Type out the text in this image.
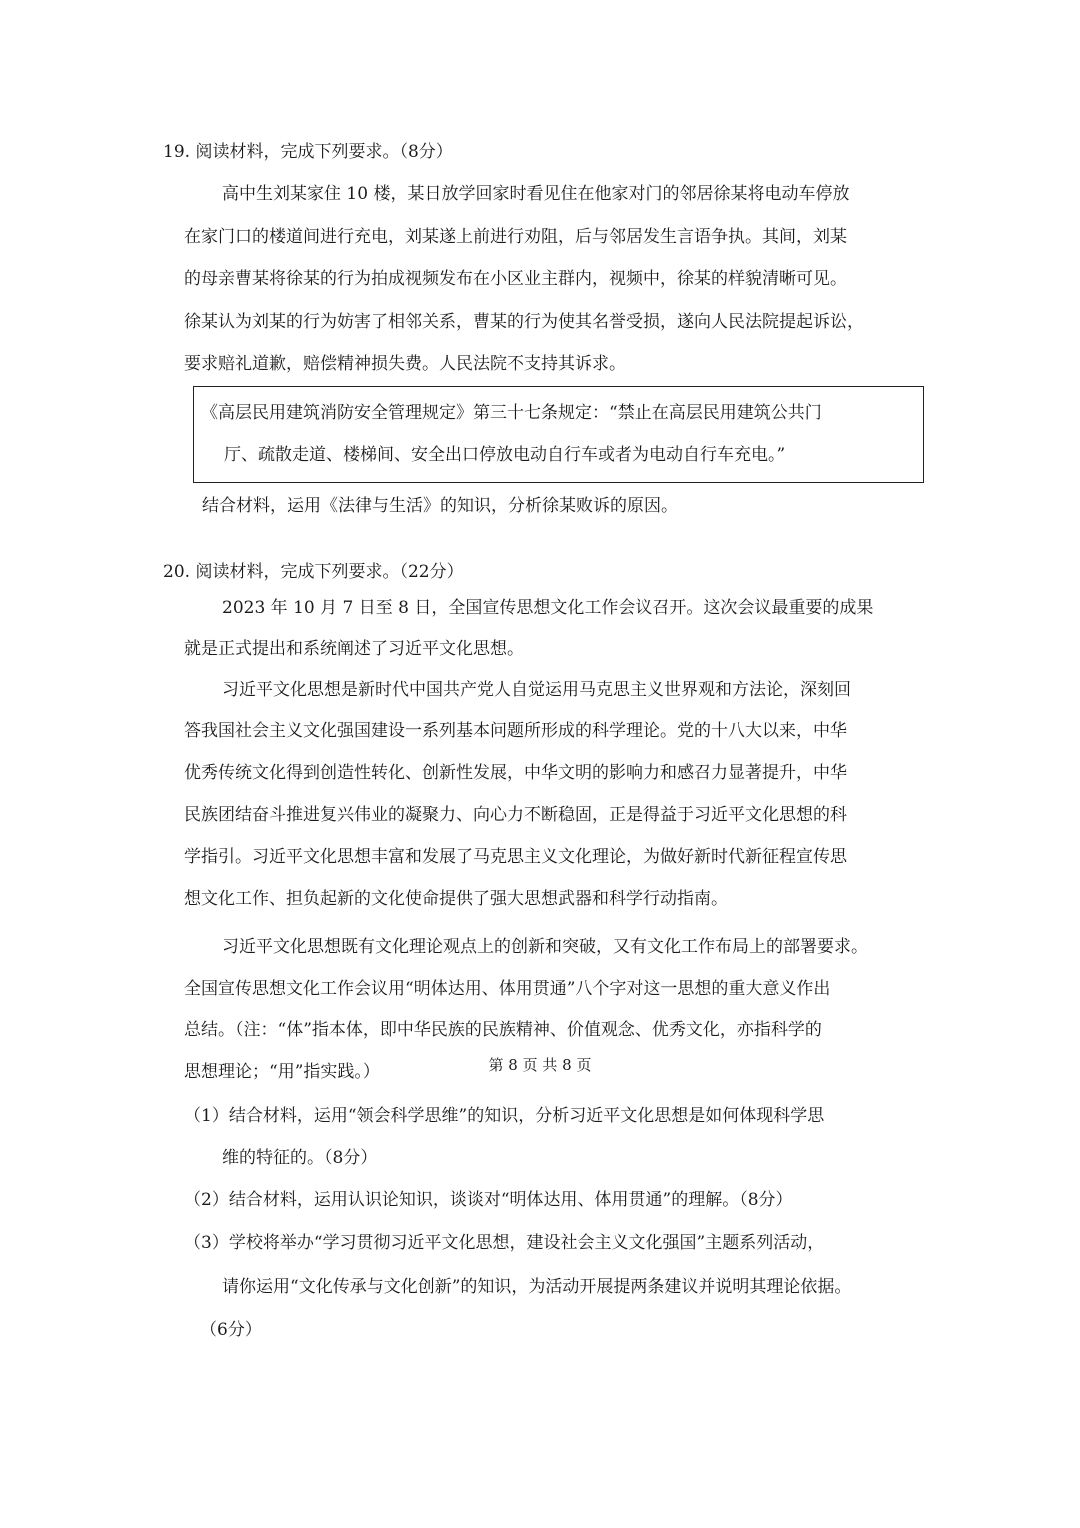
19. 阅读材料，完成下列要求。（8分）
高中生刘某家住 10 楼，某日放学回家时看见住在他家对门的邻居徐某将电动车停放
在家门口的楼道间进行充电，刘某遂上前进行劝阻，后与邻居发生言语争执。其间，刘某
的母亲曹某将徐某的行为拍成视频发布在小区业主群内，视频中，徐某的样貌清晰可见。
徐某认为刘某的行为妨害了相邻关系，曹某的行为使其名誉受损，遂向人民法院提起诉讼，
要求赔礼道歉，赔偿精神损失费。人民法院不支持其诉求。
《高层民用建筑消防安全管理规定》第三十七条规定：“禁止在高层民用建筑公共门
厅、疏散走道、楼梯间、安全出口停放电动自行车或者为电动自行车充电。”
结合材料，运用《法律与生活》的知识，分析徐某败诉的原因。
20. 阅读材料，完成下列要求。（22分）
2023 年 10 月 7 日至 8 日，全国宣传思想文化工作会议召开。这次会议最重要的成果
就是正式提出和系统阐述了习近平文化思想。
习近平文化思想是新时代中国共产党人自觉运用马克思主义世界观和方法论，深刻回
答我国社会主义文化强国建设一系列基本问题所形成的科学理论。党的十八大以来，中华
优秀传统文化得到创造性转化、创新性发展，中华文明的影响力和感召力显著提升，中华
民族团结奋斗推进复兴伟业的凝聚力、向心力不断稳固，正是得益于习近平文化思想的科
学指引。习近平文化思想丰富和发展了马克思主义文化理论，为做好新时代新征程宣传思
想文化工作、担负起新的文化使命提供了强大思想武器和科学行动指南。
习近平文化思想既有文化理论观点上的创新和突破，又有文化工作布局上的部署要求。
全国宣传思想文化工作会议用“明体达用、体用贯通”八个字对这一思想的重大意义作出
总结。（注：“体”指本体，即中华民族的民族精神、价值观念、优秀文化，亦指科学的
思想理论；“用”指实践。）
（1）结合材料，运用“领会科学思维”的知识，分析习近平文化思想是如何体现科学思
维的特征的。（8分）
（2）结合材料，运用认识论知识，谈谈对“明体达用、体用贯通”的理解。（8分）
（3）学校将举办“学习贯彻习近平文化思想，建设社会主义文化强国”主题系列活动，
请你运用“文化传承与文化创新”的知识，为活动开展提两条建议并说明其理论依据。
（6分）
第 8 页 共 8 页
